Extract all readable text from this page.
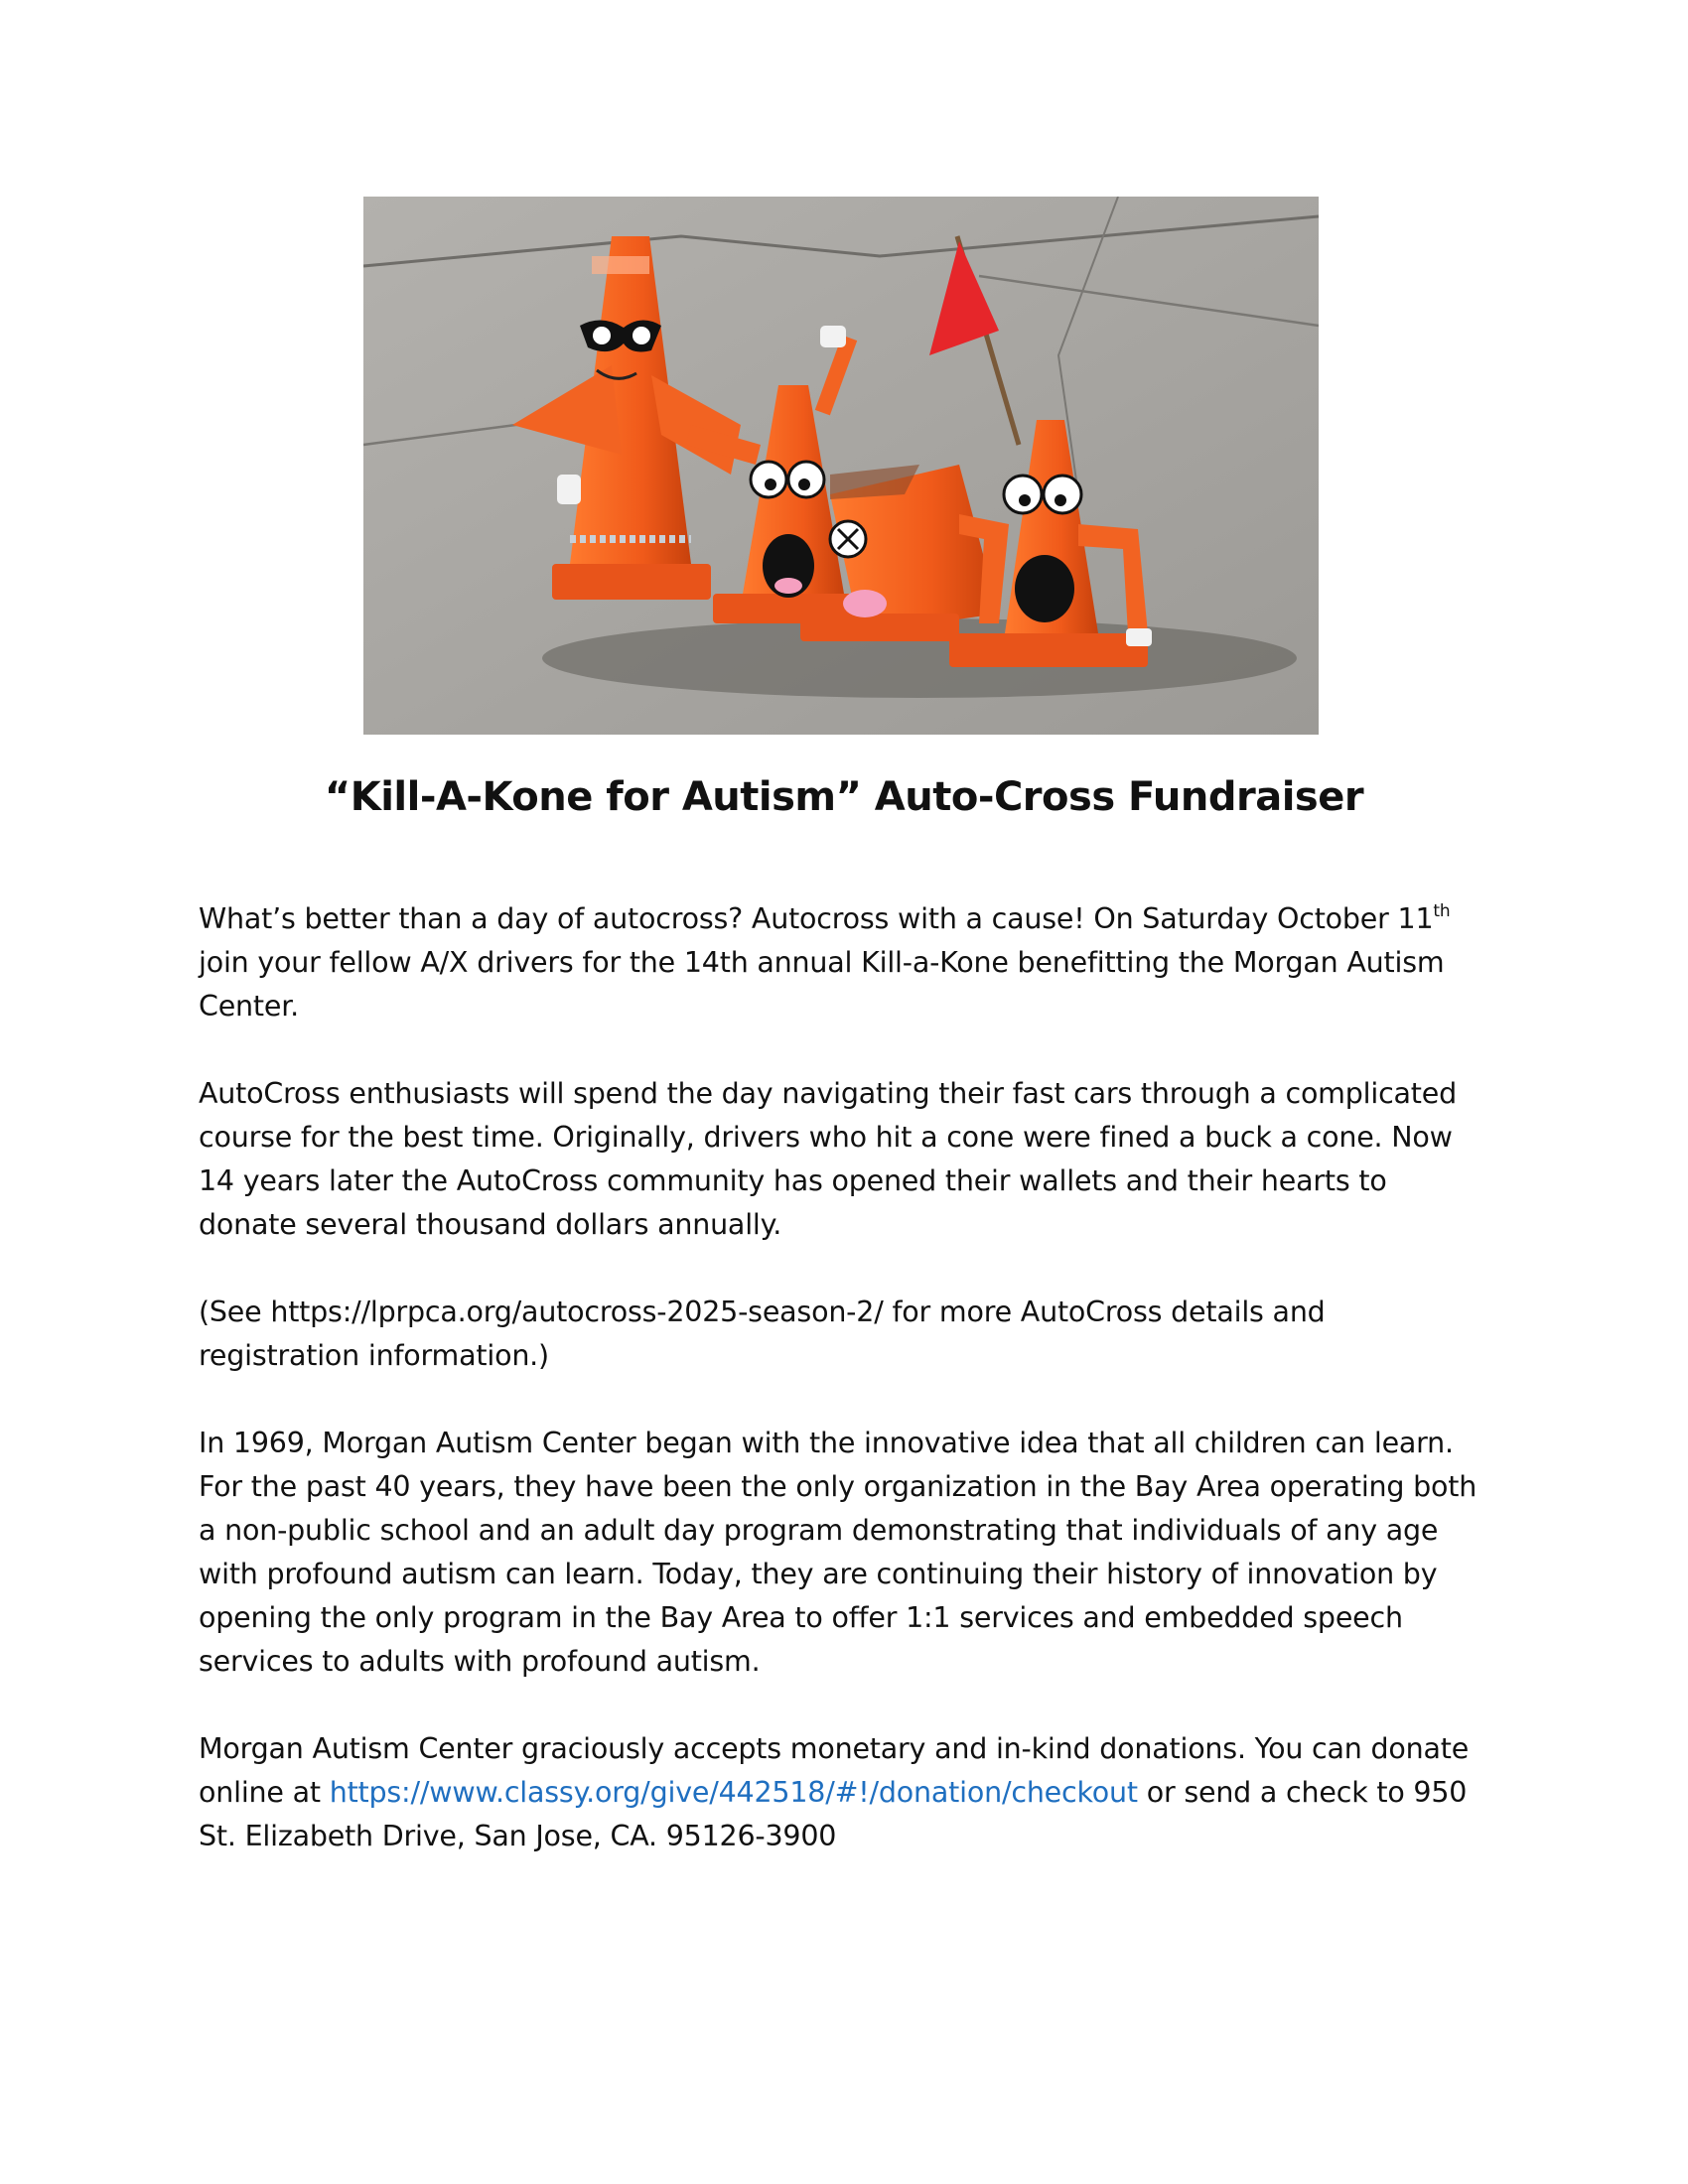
“Kill-A-Kone for Autism” Auto-Cross Fundraiser

What’s better than a day of autocross? Autocross with a cause! On Saturday October 11th join your fellow A/X drivers for the 14th annual Kill-a-Kone benefitting the Morgan Autism Center.

AutoCross enthusiasts will spend the day navigating their fast cars through a complicated course for the best time. Originally, drivers who hit a cone were fined a buck a cone. Now 14 years later the AutoCross community has opened their wallets and their hearts to donate several thousand dollars annually.

(See https://lprpca.org/autocross-2025-season-2/ for more AutoCross details and registration information.)

In 1969, Morgan Autism Center began with the innovative idea that all children can learn. For the past 40 years, they have been the only organization in the Bay Area operating both a non-public school and an adult day program demonstrating that individuals of any age with profound autism can learn. Today, they are continuing their history of innovation by opening the only program in the Bay Area to offer 1:1 services and embedded speech services to adults with profound autism.

Morgan Autism Center graciously accepts monetary and in-kind donations. You can donate online at https://www.classy.org/give/442518/#!/donation/checkout or send a check to 950 St. Elizabeth Drive, San Jose, CA. 95126-3900
